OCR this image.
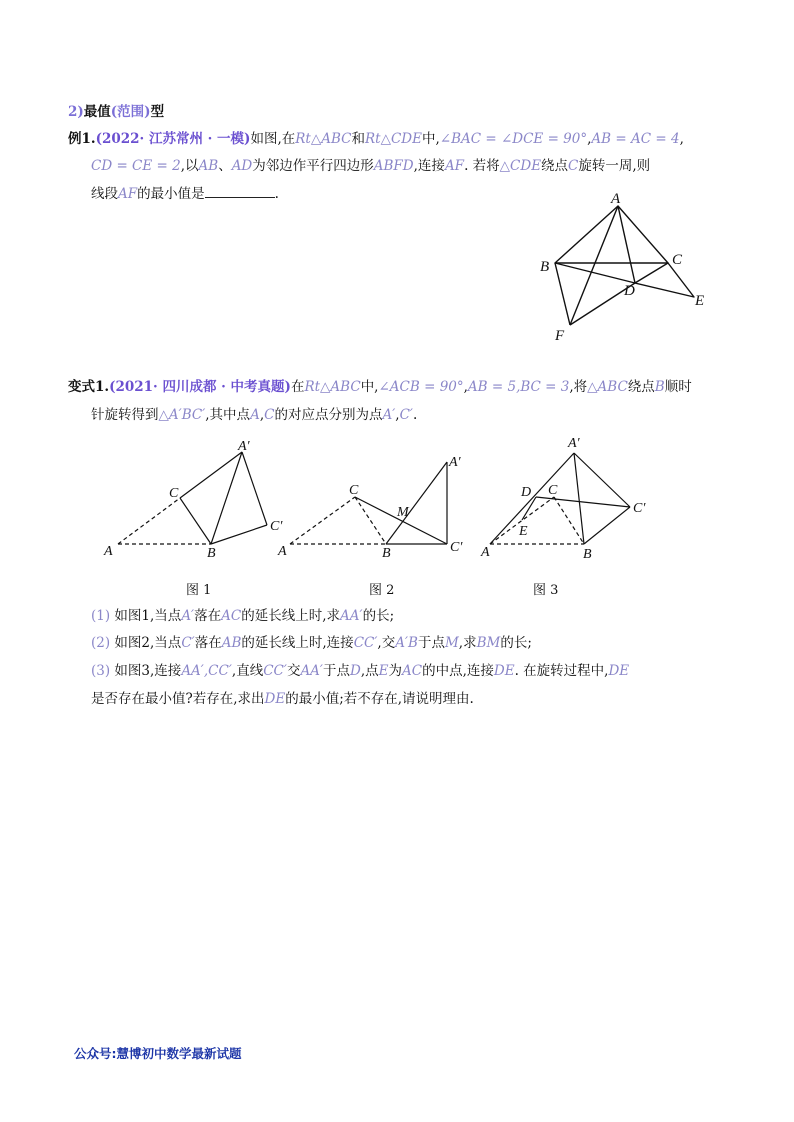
2)最值(范围)型
例1.(2022· 江苏常州 · 一模)如图,在Rt△ABC和Rt△CDE中,∠BAC = ∠DCE = 90°,AB = AC = 4,
CD = CE = 2,以AB、AD为邻边作平行四边形ABFD,连接AF. 若将△CDE绕点C旋转一周,则
线段AF的最小值是	.	A
B	C
D
E
F
变式1.(2021· 四川成都 · 中考真题)在Rt△ABC中,∠ACB = 90°,AB = 5,BC = 3,将△ABC绕点B顺时
针旋转得到△A′BC′,其中点A,C的对应点分别为点A′,C′.
A	B
C
A′
C′
A	B
C
A′
C′
M
A	B
C
A′
C′
D
E
图 1	图 2	图 3
(1) 如图1,当点A′落在AC的延长线上时,求AA′的长;
(2) 如图2,当点C′落在AB的延长线上时,连接CC′,交A′B于点M,求BM的长;
(3) 如图3,连接AA′,CC′,直线CC′交AA′于点D,点E为AC的中点,连接DE. 在旋转过程中,DE
是否存在最小值?若存在,求出DE的最小值;若不存在,请说明理由.
公众号:慧博初中数学最新试题
